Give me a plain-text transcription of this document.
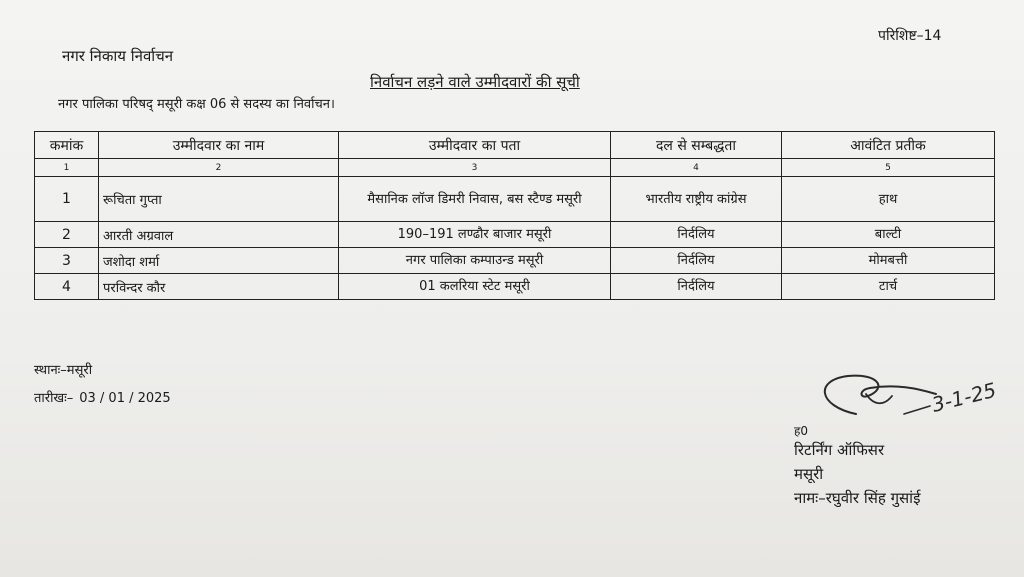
परिशिष्ट–14
नगर निकाय निर्वाचन
निर्वाचन लड़ने वाले उम्मीदवारों की सूची
नगर पालिका परिषद् मसूरी कक्ष 06 से सदस्य का निर्वाचन।
कमांक	उम्मीदवार का नाम	उम्मीदवार का पता	दल से सम्बद्धता	आवंटित प्रतीक
1	2	3	4	5
1	रूचिता गुप्ता	मैसानिक लॉज डिमरी निवास, बस स्टैण्ड मसूरी	भारतीय राष्ट्रीय कांग्रेस	हाथ
2	आरती अग्रवाल	190–191 लण्ढौर बाजार मसूरी	निर्दलिय	बाल्टी
3	जशोदा शर्मा	नगर पालिका कम्पाउन्ड मसूरी	निर्दलिय	मोमबत्ती
4	परविन्दर कौर	01 कलरिया स्टेट मसूरी	निर्दलिय	टार्च
स्थानः–मसूरी
तारीखः– 03 / 01 / 2025	3-1-25
ह0
रिटर्निंग ऑफिसर
मसूरी
नामः–रघुवीर सिंह गुसांई
